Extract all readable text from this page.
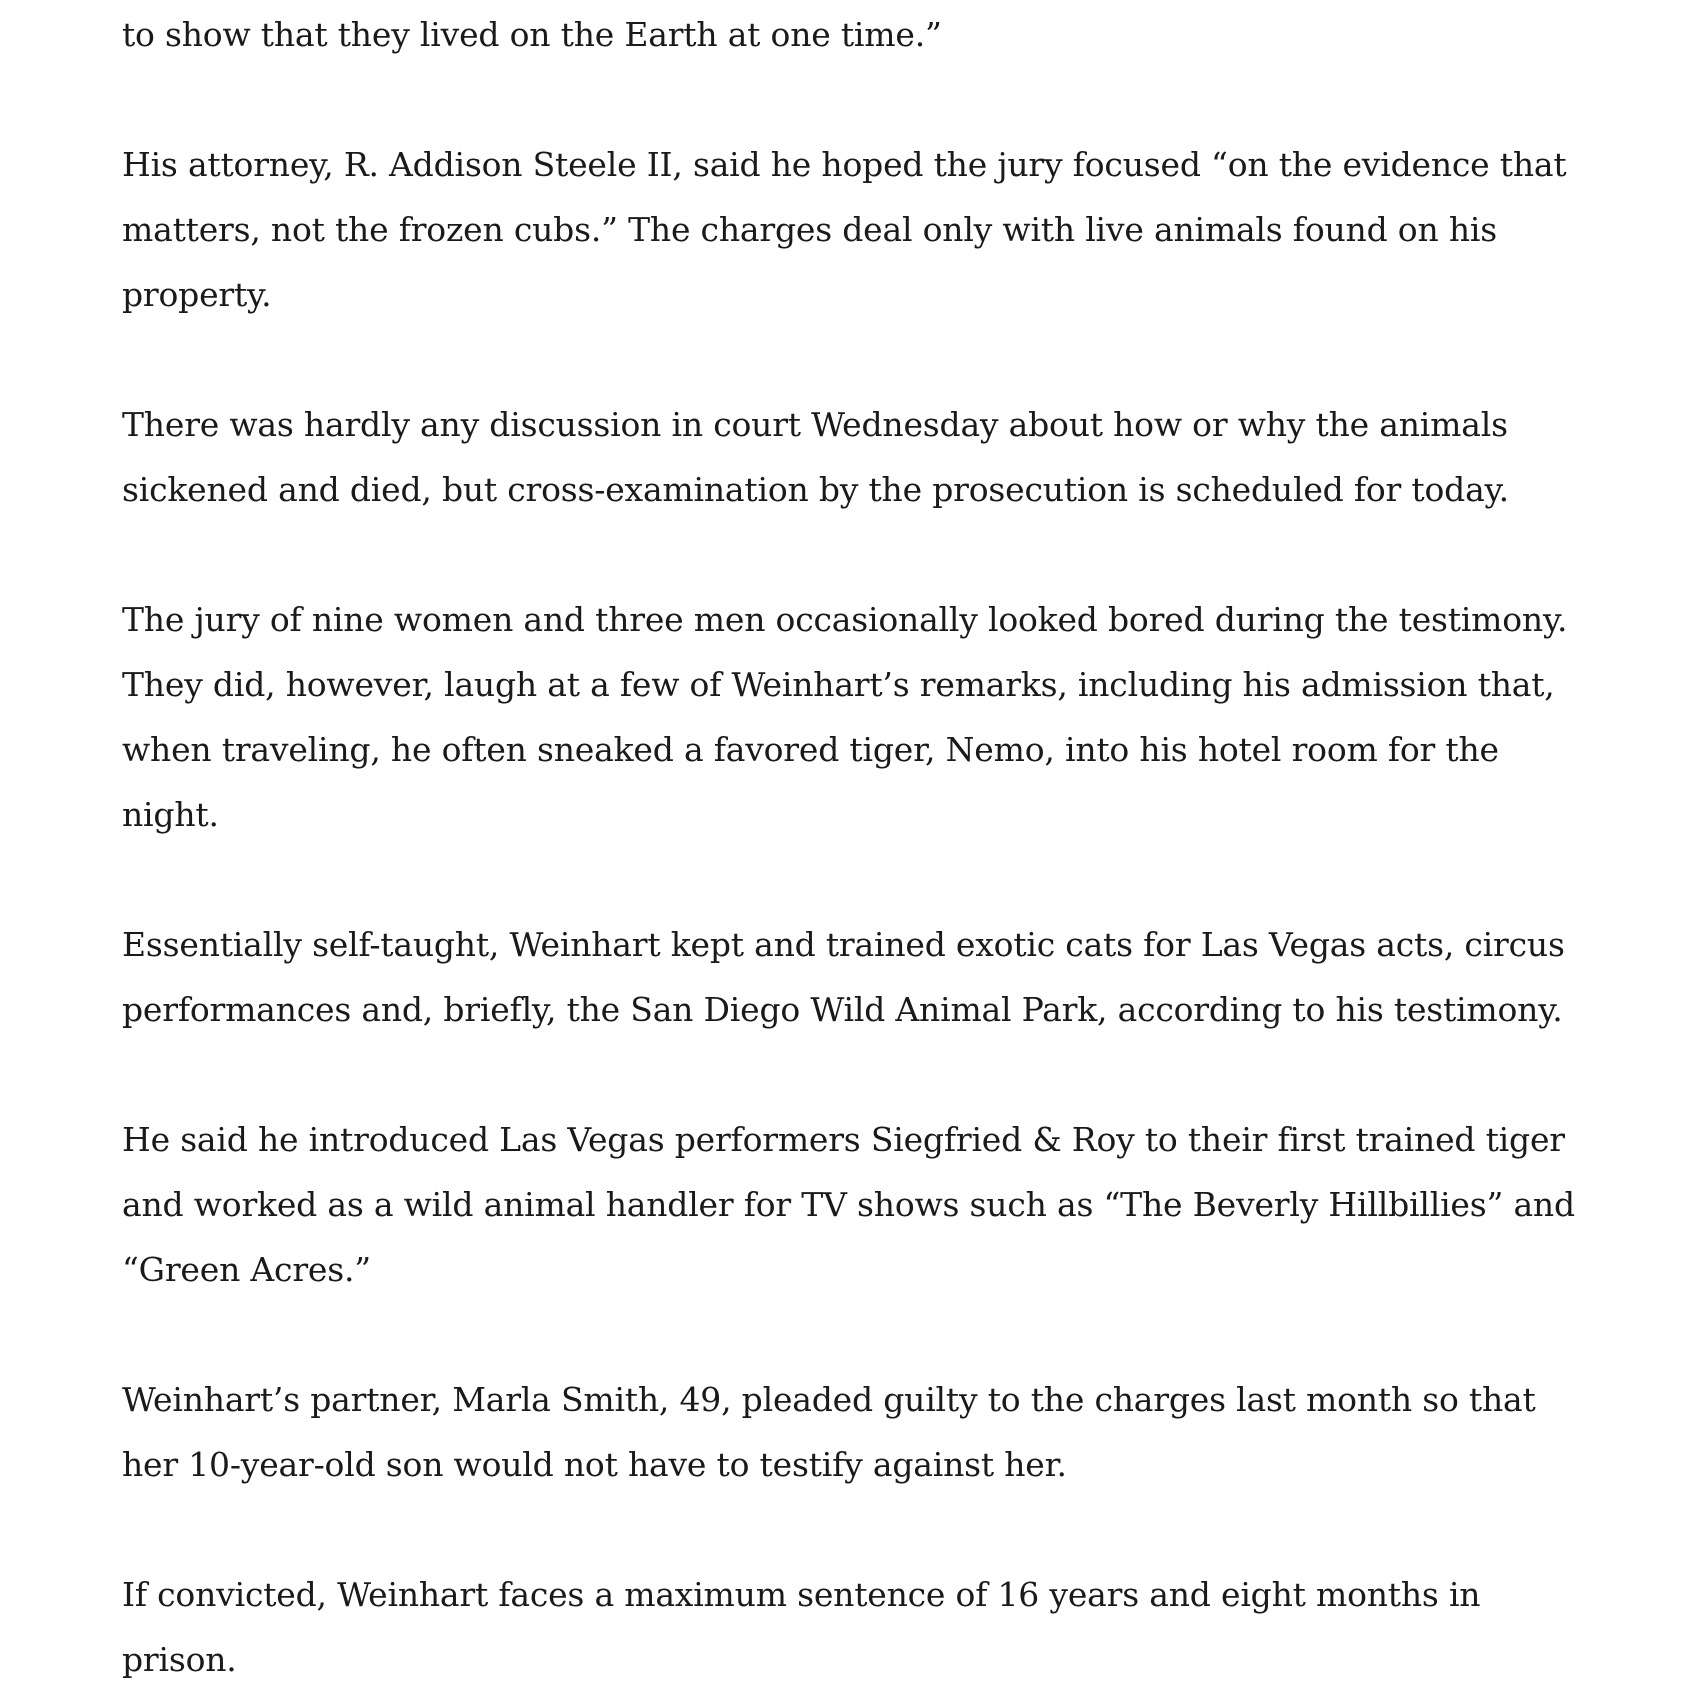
to show that they lived on the Earth at one time.”

His attorney, R. Addison Steele II, said he hoped the jury focused “on the evidence that matters, not the frozen cubs.” The charges deal only with live animals found on his property.

There was hardly any discussion in court Wednesday about how or why the animals sickened and died, but cross-examination by the prosecution is scheduled for today.

The jury of nine women and three men occasionally looked bored during the testimony. They did, however, laugh at a few of Weinhart’s remarks, including his admission that, when traveling, he often sneaked a favored tiger, Nemo, into his hotel room for the night.

Essentially self-taught, Weinhart kept and trained exotic cats for Las Vegas acts, circus performances and, briefly, the San Diego Wild Animal Park, according to his testimony.

He said he introduced Las Vegas performers Siegfried & Roy to their first trained tiger and worked as a wild animal handler for TV shows such as “The Beverly Hillbillies” and “Green Acres.”

Weinhart’s partner, Marla Smith, 49, pleaded guilty to the charges last month so that her 10-year-old son would not have to testify against her.

If convicted, Weinhart faces a maximum sentence of 16 years and eight months in prison.
